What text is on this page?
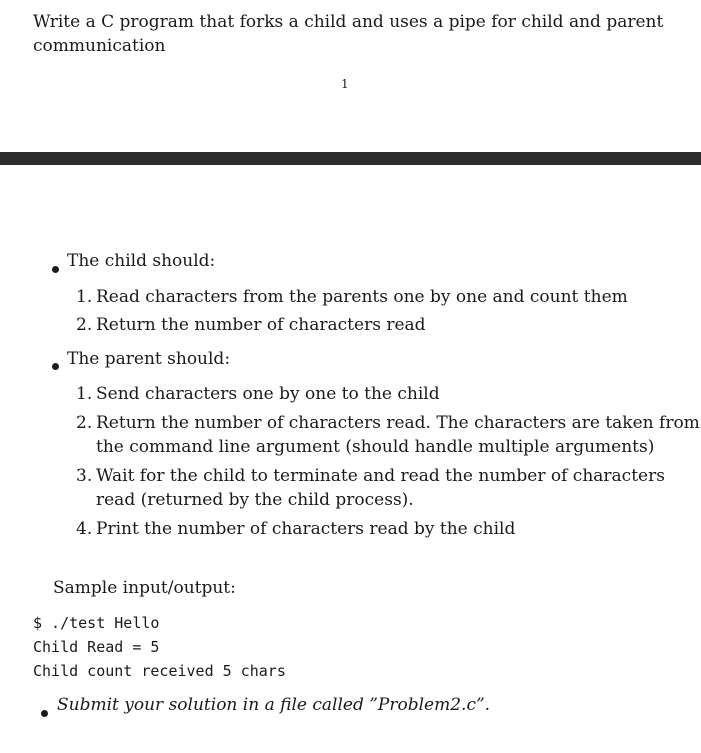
Write a C program that forks a child and uses a pipe for child and parent communication
1
The child should:
1. Read characters from the parents one by one and count them
2. Return the number of characters read
The parent should:
1. Send characters one by one to the child
2. Return the number of characters read. The characters are taken from
the command line argument (should handle multiple arguments)
3. Wait for the child to terminate and read the number of characters
read (returned by the child process).
4. Print the number of characters read by the child
Sample input/output:
$ ./test Hello
Child Read = 5
Child count received 5 chars
Submit your solution in a file called ”Problem2.c”.
